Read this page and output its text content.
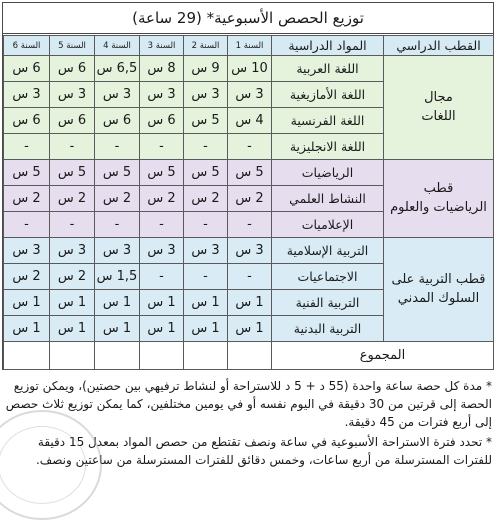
توزيع الحصص الأسبوعية* (29 ساعة)
القطب الدراسي	المواد الدراسية	السنة 1	السنة 2	السنة 3	السنة 4	السنة 5	السنة 6
مجال
اللغات	اللغة العربية	10 س	9 س	8 س	6,5 س	6 س	6 س
	اللغة الأمازيغية	3 س	3 س	3 س	3 س	3 س	3 س
	اللغة الفرنسية	4 س	5 س	6 س	6 س	6 س	6 س
	اللغة الانجليزية	-	-	-	-	-	-
قطب
الرياضيات والعلوم	الرياضيات	5 س	5 س	5 س	5 س	5 س	5 س
	النشاط العلمي	2 س	2 س	2 س	2 س	2 س	2 س
	الإعلاميات	-	-	-	-	-	-
قطب التربية على
السلوك المدني	التربية الإسلامية	3 س	3 س	3 س	3 س	3 س	3 س
	الاجتماعيات	-	-	-	1,5 س	2 س	2 س
	التربية الفنية	1 س	1 س	1 س	1 س	1 س	1 س
	التربية البدنية	1 س	1 س	1 س	1 س	1 س	1 س
المجموع							

* مدة كل حصة ساعة واحدة (55 د + 5 د للاستراحة أو لنشاط ترفيهي بين حصتين)، ويمكن توزيع الحصة إلى قرتين من 30 دقيقة في اليوم نفسه أو في يومين مختلفين، كما يمكن توزيع ثلاث حصص إلى أربع فترات من 45 دقيقة.

* تحدد فترة الاستراحة الأسبوعية في ساعة ونصف تقتطع من حصص المواد بمعدل 15 دقيقة للفترات المسترسلة من أربع ساعات، وخمس دقائق للفترات المسترسلة من ساعتين ونصف.
